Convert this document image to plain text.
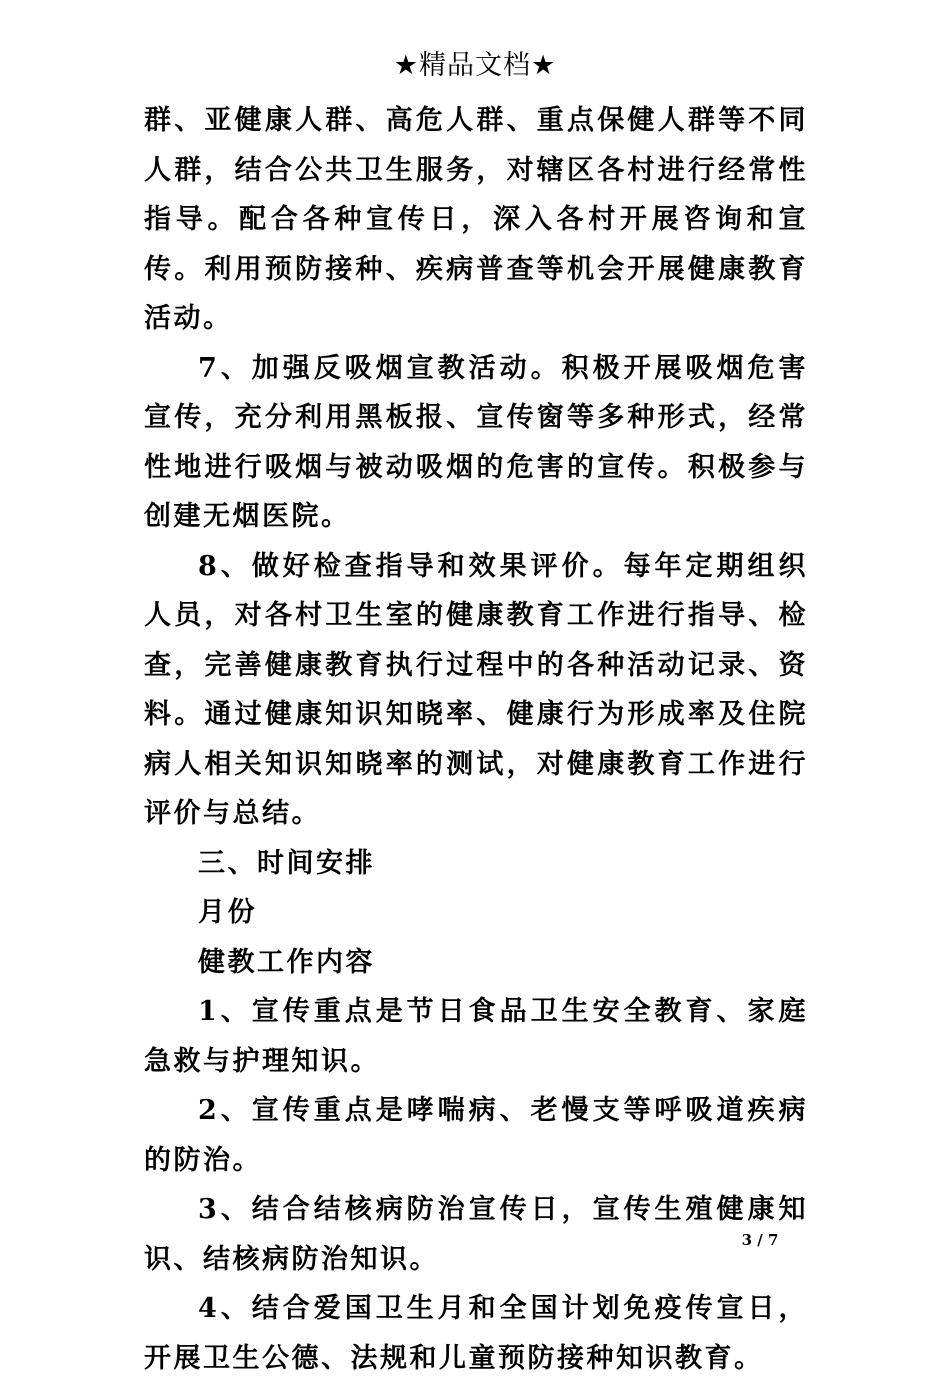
★精品文档★

群、亚健康人群、高危人群、重点保健人群等不同人群，结合公共卫生服务，对辖区各村进行经常性指导。配合各种宣传日，深入各村开展咨询和宣传。利用预防接种、疾病普查等机会开展健康教育活动。

7、加强反吸烟宣教活动。积极开展吸烟危害宣传，充分利用黑板报、宣传窗等多种形式，经常性地进行吸烟与被动吸烟的危害的宣传。积极参与创建无烟医院。

8、做好检查指导和效果评价。每年定期组织人员，对各村卫生室的健康教育工作进行指导、检查，完善健康教育执行过程中的各种活动记录、资料。通过健康知识知晓率、健康行为形成率及住院病人相关知识知晓率的测试，对健康教育工作进行评价与总结。

三、时间安排

月份

健教工作内容

1、宣传重点是节日食品卫生安全教育、家庭急救与护理知识。

2、宣传重点是哮喘病、老慢支等呼吸道疾病的防治。

3、结合结核病防治宣传日，宣传生殖健康知识、结核病防治知识。

4、结合爱国卫生月和全国计划免疫传宣日，开展卫生公德、法规和儿童预防接种知识教育。

3 / 7
